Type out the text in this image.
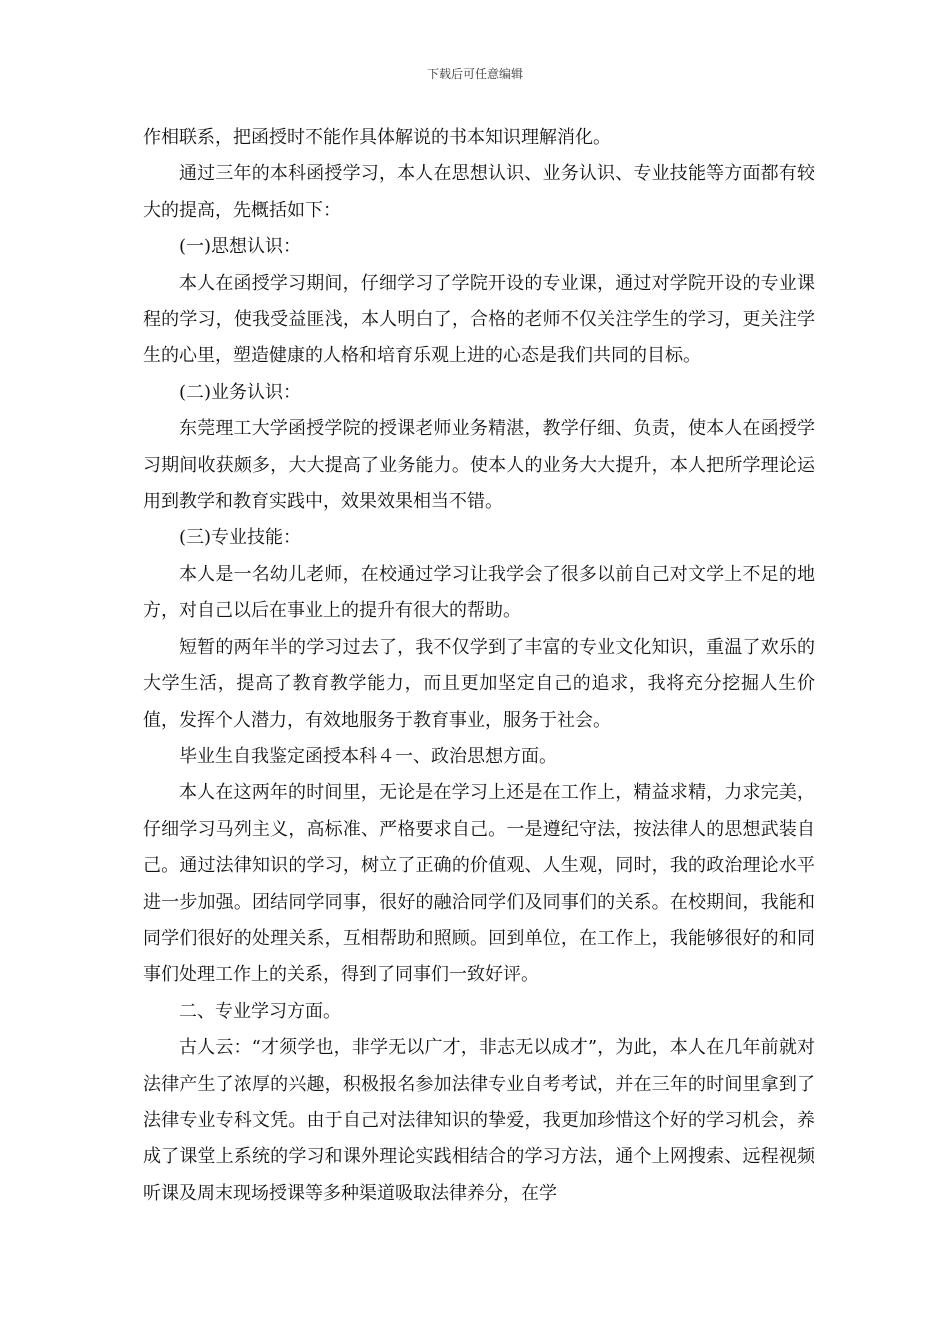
下载后可任意编辑

作相联系，把函授时不能作具体解说的书本知识理解消化。

通过三年的本科函授学习，本人在思想认识、业务认识、专业技能等方面都有较大的提高，先概括如下：

(一)思想认识：

本人在函授学习期间，仔细学习了学院开设的专业课，通过对学院开设的专业课程的学习，使我受益匪浅，本人明白了，合格的老师不仅关注学生的学习，更关注学生的心里，塑造健康的人格和培育乐观上进的心态是我们共同的目标。

(二)业务认识：

东莞理工大学函授学院的授课老师业务精湛，教学仔细、负责，使本人在函授学习期间收获颇多，大大提高了业务能力。使本人的业务大大提升，本人把所学理论运用到教学和教育实践中，效果效果相当不错。

(三)专业技能：

本人是一名幼儿老师，在校通过学习让我学会了很多以前自己对文学上不足的地方，对自己以后在事业上的提升有很大的帮助。

短暂的两年半的学习过去了，我不仅学到了丰富的专业文化知识，重温了欢乐的大学生活，提高了教育教学能力，而且更加坚定自己的追求，我将充分挖掘人生价值，发挥个人潜力，有效地服务于教育事业，服务于社会。

毕业生自我鉴定函授本科４一、政治思想方面。

本人在这两年的时间里，无论是在学习上还是在工作上，精益求精，力求完美，仔细学习马列主义，高标准、严格要求自己。一是遵纪守法，按法律人的思想武装自己。通过法律知识的学习，树立了正确的价值观、人生观，同时，我的政治理论水平进一步加强。团结同学同事，很好的融洽同学们及同事们的关系。在校期间，我能和同学们很好的处理关系，互相帮助和照顾。回到单位，在工作上，我能够很好的和同事们处理工作上的关系，得到了同事们一致好评。

二、专业学习方面。

古人云：“才须学也，非学无以广才，非志无以成才”，为此，本人在几年前就对法律产生了浓厚的兴趣，积极报名参加法律专业自考考试，并在三年的时间里拿到了法律专业专科文凭。由于自己对法律知识的挚爱，我更加珍惜这个好的学习机会，养成了课堂上系统的学习和课外理论实践相结合的学习方法，通个上网搜索、远程视频听课及周末现场授课等多种渠道吸取法律养分，在学
